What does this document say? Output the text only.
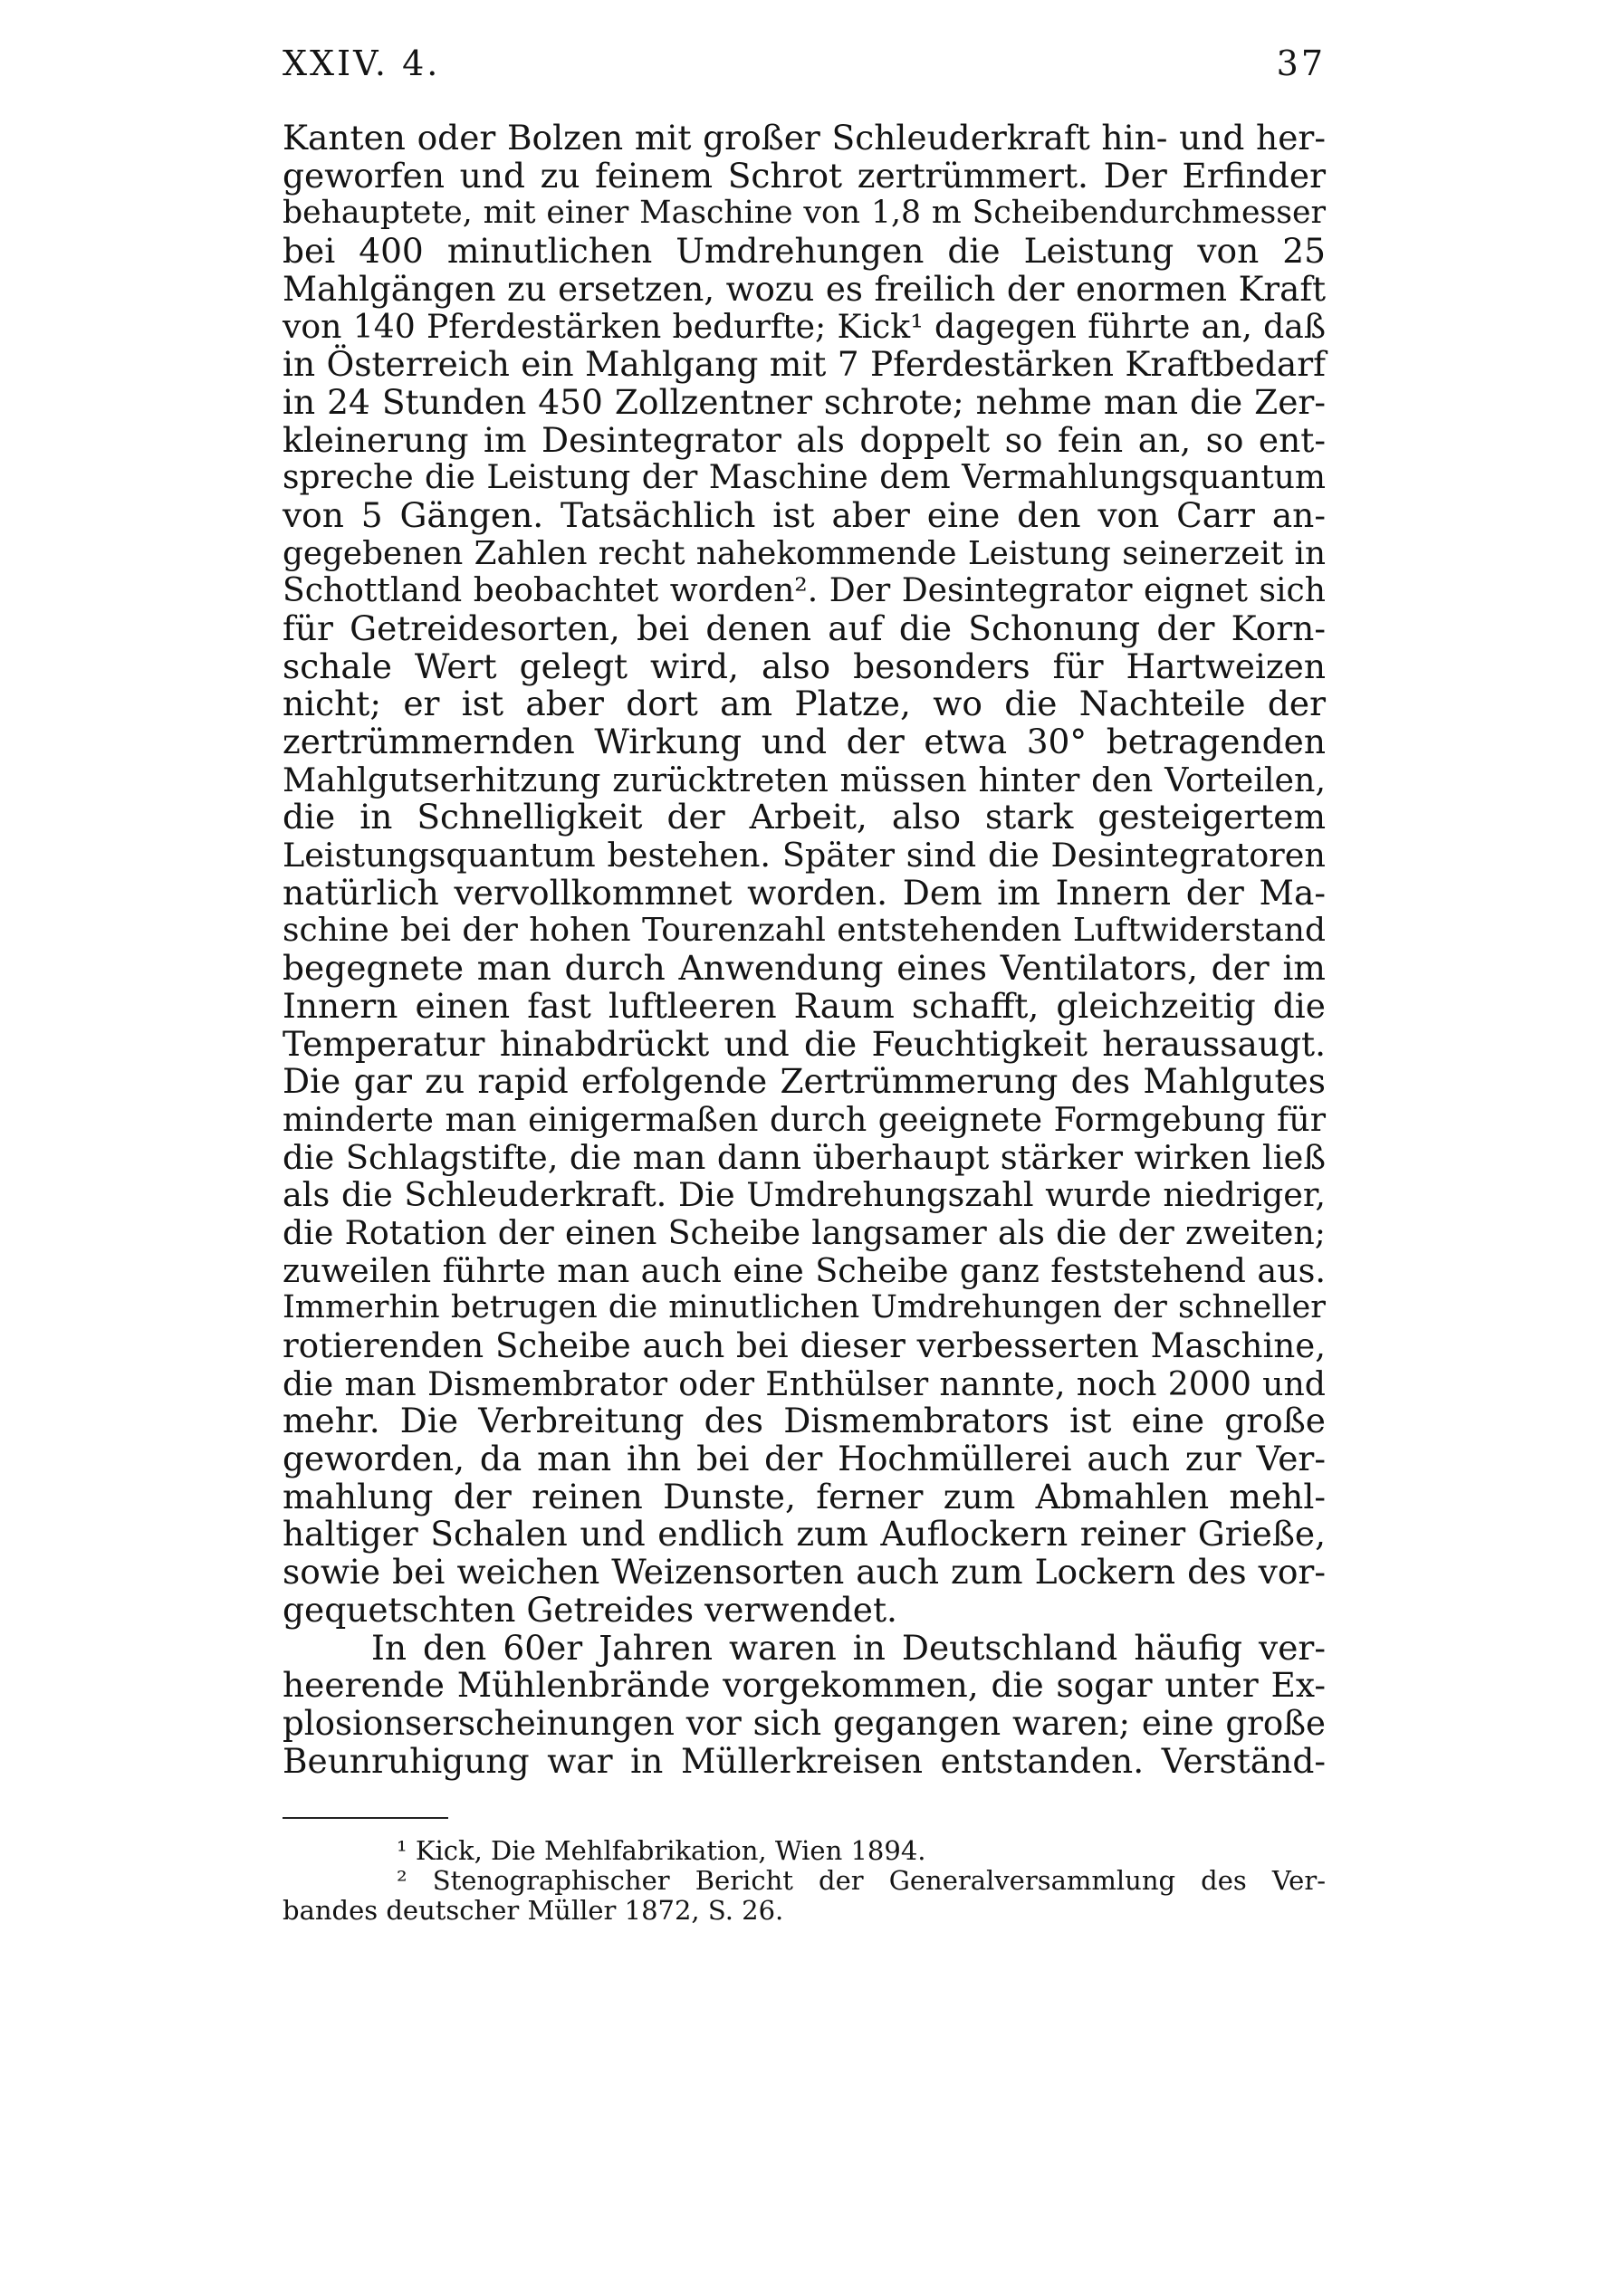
XXIV. 4.	37
Kanten oder Bolzen mit großer Schleuderkraft hin- und her-
geworfen und zu feinem Schrot zertrümmert. Der Erfinder
behauptete, mit einer Maschine von 1,8 m Scheibendurchmesser
bei 400 minutlichen Umdrehungen die Leistung von 25
Mahlgängen zu ersetzen, wozu es freilich der enormen Kraft
von 140 Pferdestärken bedurfte; Kick¹ dagegen führte an, daß
in Österreich ein Mahlgang mit 7 Pferdestärken Kraftbedarf
in 24 Stunden 450 Zollzentner schrote; nehme man die Zer-
kleinerung im Desintegrator als doppelt so fein an, so ent-
spreche die Leistung der Maschine dem Vermahlungsquantum
von 5 Gängen. Tatsächlich ist aber eine den von Carr an-
gegebenen Zahlen recht nahekommende Leistung seinerzeit in
Schottland beobachtet worden². Der Desintegrator eignet sich
für Getreidesorten, bei denen auf die Schonung der Korn-
schale Wert gelegt wird, also besonders für Hartweizen
nicht; er ist aber dort am Platze, wo die Nachteile der
zertrümmernden Wirkung und der etwa 30° betragenden
Mahlgutserhitzung zurücktreten müssen hinter den Vorteilen,
die in Schnelligkeit der Arbeit, also stark gesteigertem
Leistungsquantum bestehen. Später sind die Desintegratoren
natürlich vervollkommnet worden. Dem im Innern der Ma-
schine bei der hohen Tourenzahl entstehenden Luftwiderstand
begegnete man durch Anwendung eines Ventilators, der im
Innern einen fast luftleeren Raum schafft, gleichzeitig die
Temperatur hinabdrückt und die Feuchtigkeit heraussaugt.
Die gar zu rapid erfolgende Zertrümmerung des Mahlgutes
minderte man einigermaßen durch geeignete Formgebung für
die Schlagstifte, die man dann überhaupt stärker wirken ließ
als die Schleuderkraft. Die Umdrehungszahl wurde niedriger,
die Rotation der einen Scheibe langsamer als die der zweiten;
zuweilen führte man auch eine Scheibe ganz feststehend aus.
Immerhin betrugen die minutlichen Umdrehungen der schneller
rotierenden Scheibe auch bei dieser verbesserten Maschine,
die man Dismembrator oder Enthülser nannte, noch 2000 und
mehr. Die Verbreitung des Dismembrators ist eine große
geworden, da man ihn bei der Hochmüllerei auch zur Ver-
mahlung der reinen Dunste, ferner zum Abmahlen mehl-
haltiger Schalen und endlich zum Auflockern reiner Grieße,
sowie bei weichen Weizensorten auch zum Lockern des vor-
gequetschten Getreides verwendet.
In den 60er Jahren waren in Deutschland häufig ver-
heerende Mühlenbrände vorgekommen, die sogar unter Ex-
plosionserscheinungen vor sich gegangen waren; eine große
Beunruhigung war in Müllerkreisen entstanden. Verständ-
¹ Kick, Die Mehlfabrikation, Wien 1894.
² Stenographischer Bericht der Generalversammlung des Ver-
bandes deutscher Müller 1872, S. 26.
